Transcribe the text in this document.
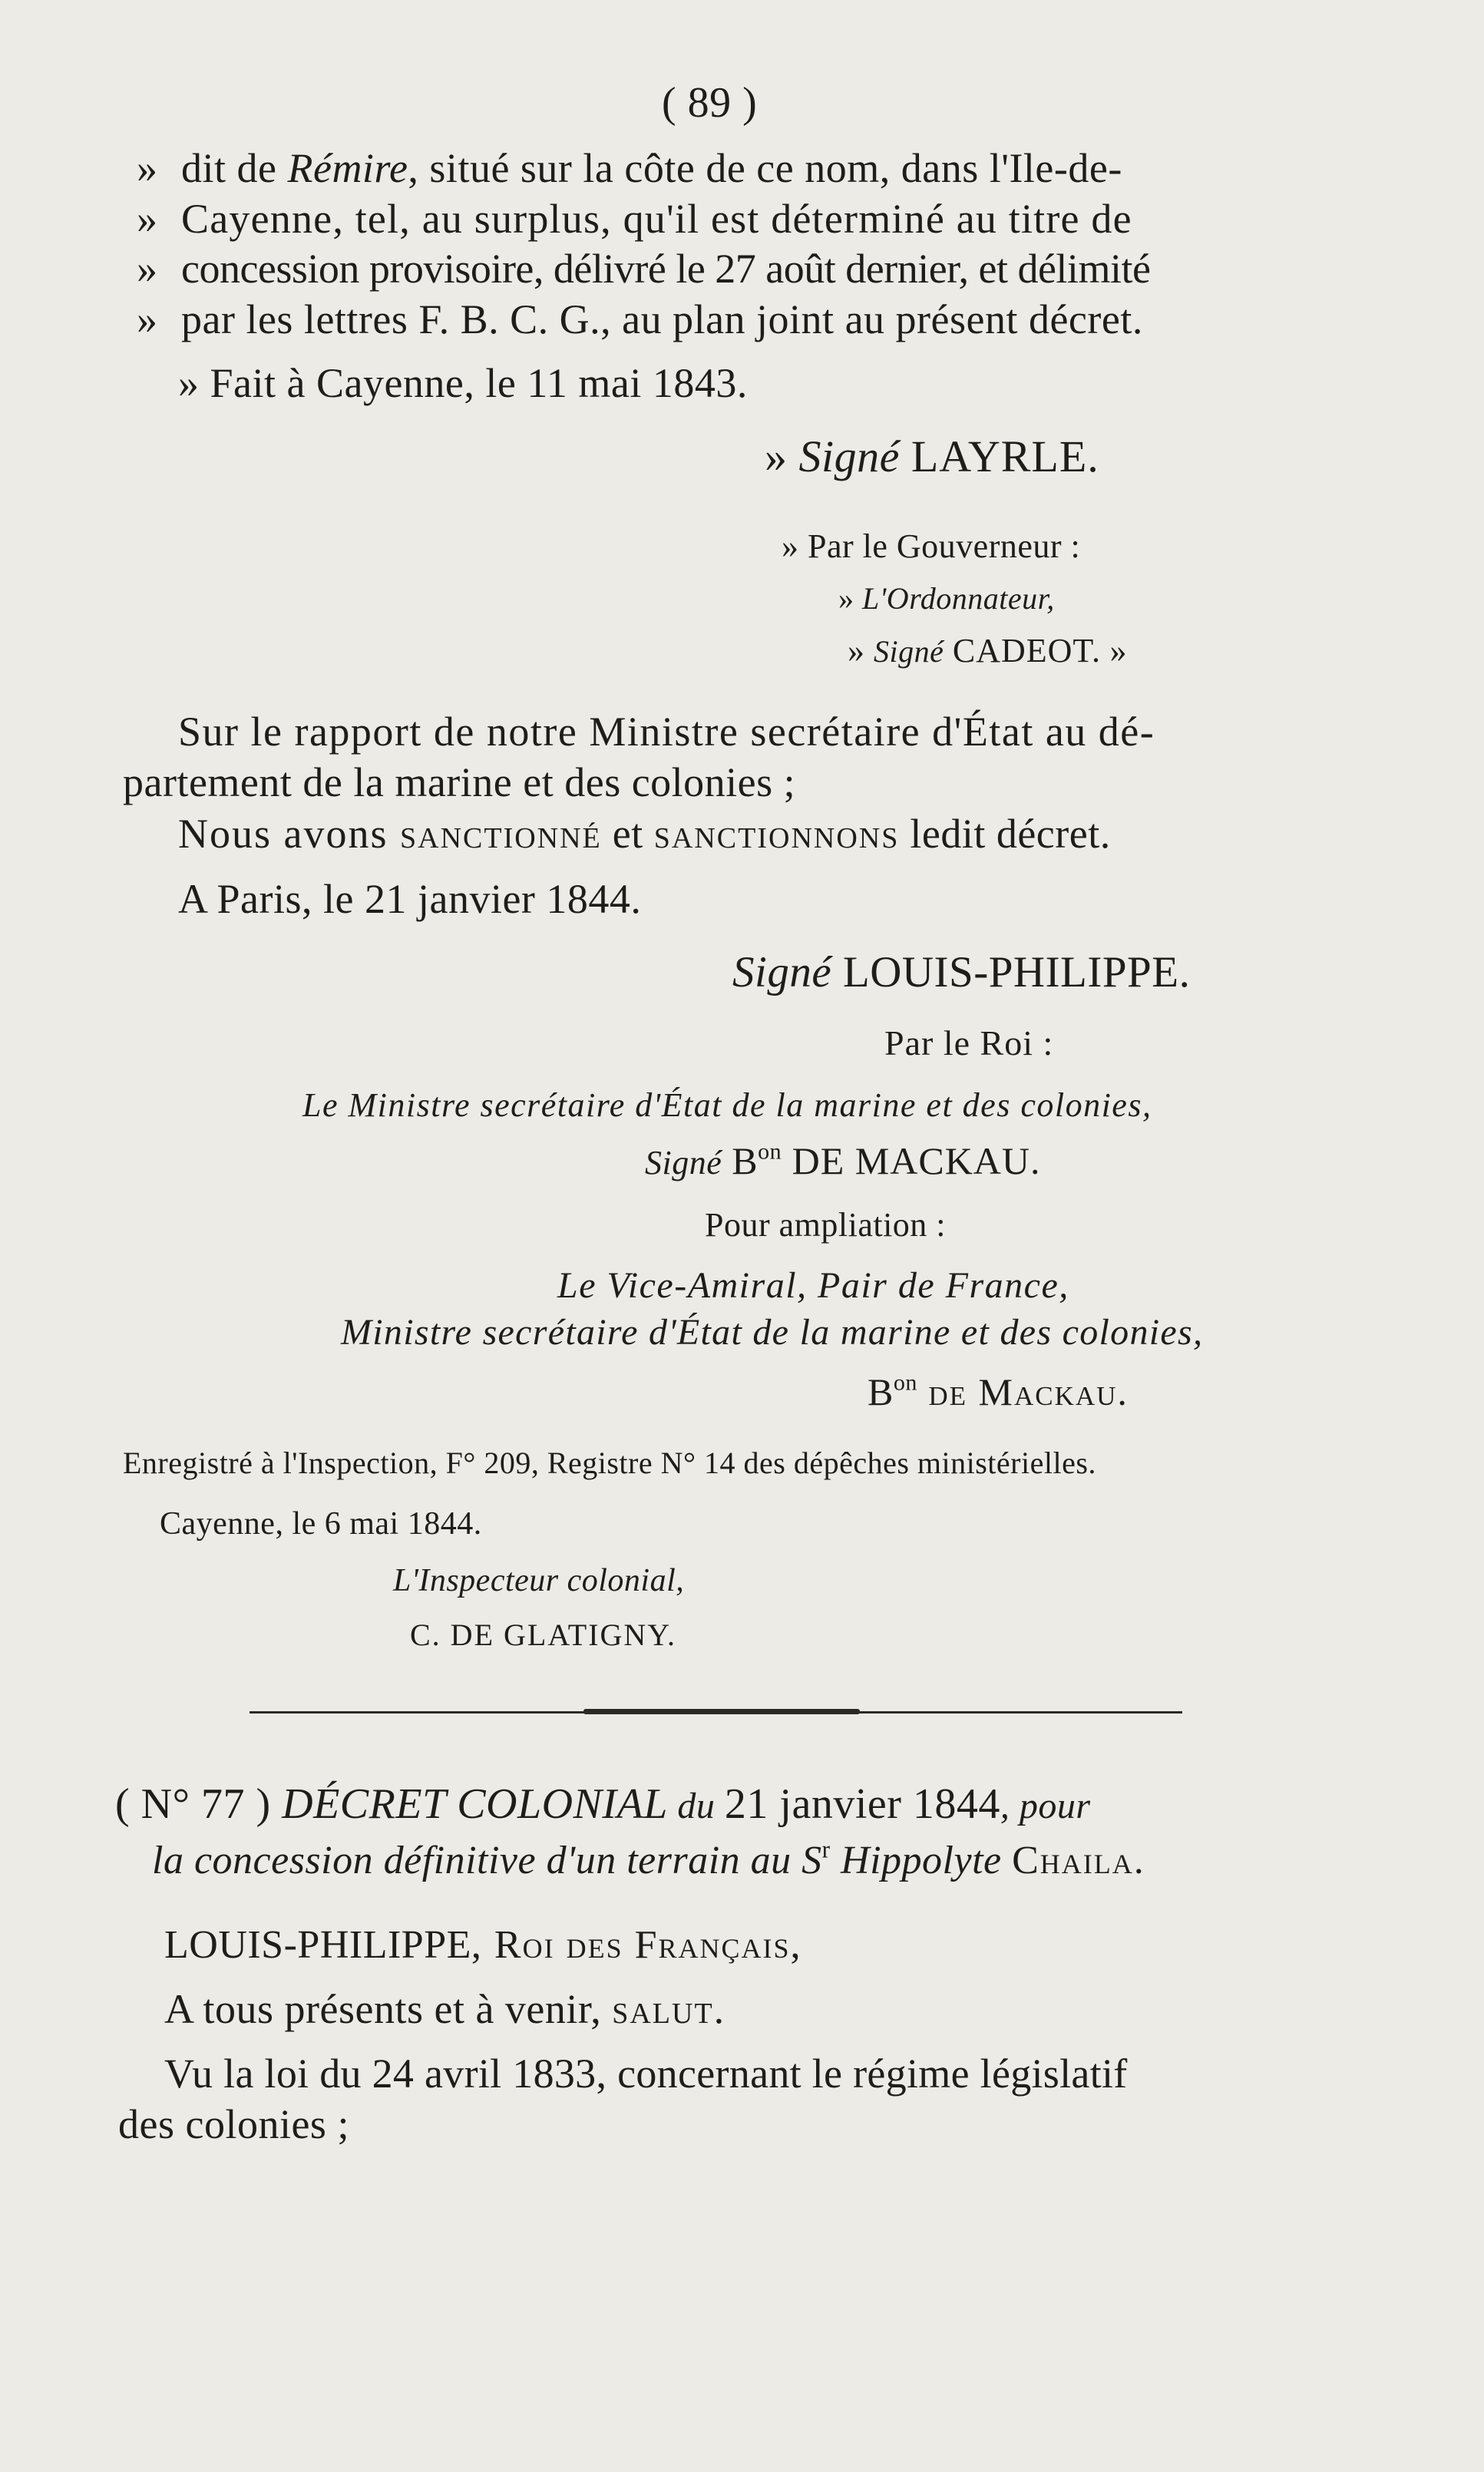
( 89 )
» dit de Rémire, situé sur la côte de ce nom, dans l'Ile-de-
» Cayenne, tel, au surplus, qu'il est déterminé au titre de
» concession provisoire, délivré le 27 août dernier, et délimité
» par les lettres F. B. C. G., au plan joint au présent décret.
» Fait à Cayenne, le 11 mai 1843.
» Signé LAYRLE.
» Par le Gouverneur :
» L'Ordonnateur,
» Signé CADEOT. »
Sur le rapport de notre Ministre secrétaire d'État au dé-
partement de la marine et des colonies ;
Nous avons sanctionné et sanctionnons ledit décret.
A Paris, le 21 janvier 1844.
Signé LOUIS-PHILIPPE.
Par le Roi :
Le Ministre secrétaire d'État de la marine et des colonies,
Signé $B^{on}$ DE MACKAU.
Pour ampliation :
Le Vice-Amiral, Pair de France,
Ministre secrétaire d'État de la marine et des colonies,
$B^{on}$ de Mackau.
Enregistré à l'Inspection, F° 209, Registre N° 14 des dépêches ministérielles.
Cayenne, le 6 mai 1844.
L'Inspecteur colonial,
C. DE GLATIGNY.
( N° 77 ) DÉCRET COLONIAL du 21 janvier 1844, pour
la concession définitive d'un terrain au $S^r$ Hippolyte Chaila.
LOUIS-PHILIPPE, Roi des Français,
A tous présents et à venir, salut.
Vu la loi du 24 avril 1833, concernant le régime législatif
des colonies ;
